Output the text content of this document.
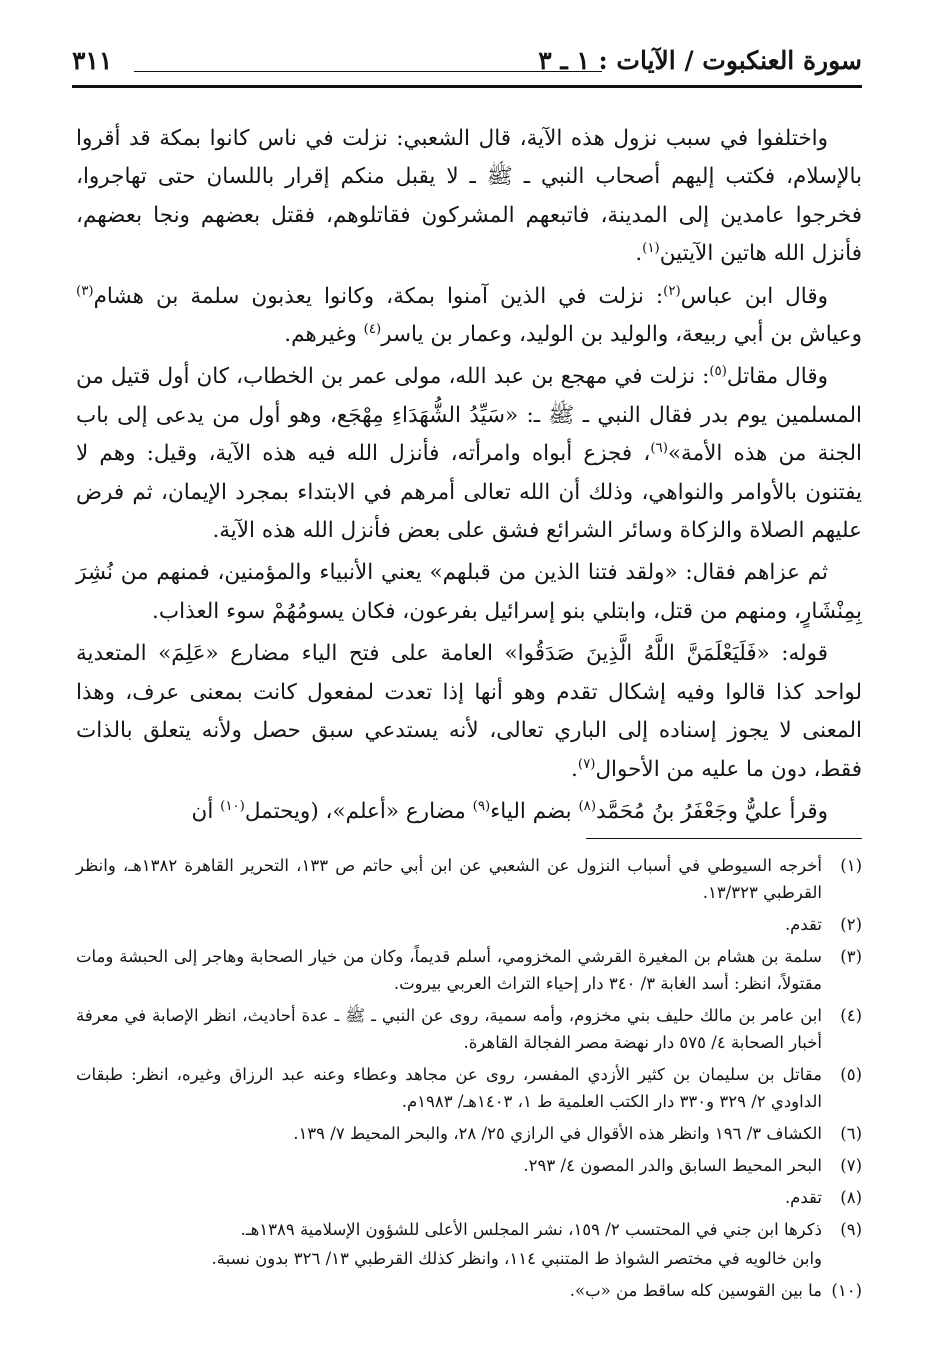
سورة العنكبوت / الآيات : ١ ـ ٣
٣١١

واختلفوا في سبب نزول هذه الآية، قال الشعبي: نزلت في ناس كانوا بمكة قد أقروا بالإسلام، فكتب إليهم أصحاب النبي ـ ﷺ ـ لا يقبل منكم إقرار باللسان حتى تهاجروا، فخرجوا عامدين إلى المدينة، فاتبعهم المشركون فقاتلوهم، فقتل بعضهم ونجا بعضهم، فأنزل الله هاتين الآيتين$^{(١)}$.

وقال ابن عباس$^{(٢)}$: نزلت في الذين آمنوا بمكة، وكانوا يعذبون سلمة بن هشام$^{(٣)}$ وعياش بن أبي ربيعة، والوليد بن الوليد، وعمار بن ياسر$^{(٤)}$ وغيرهم.

وقال مقاتل$^{(٥)}$: نزلت في مهجع بن عبد الله، مولى عمر بن الخطاب، كان أول قتيل من المسلمين يوم بدر فقال النبي ـ ﷺ ـ: «سَيِّدُ الشُّهَدَاءِ مِهْجَع، وهو أول من يدعى إلى باب الجنة من هذه الأمة»$^{(٦)}$، فجزع أبواه وامرأته، فأنزل الله فيه هذه الآية، وقيل: وهم لا يفتنون بالأوامر والنواهي، وذلك أن الله تعالى أمرهم في الابتداء بمجرد الإيمان، ثم فرض عليهم الصلاة والزكاة وسائر الشرائع فشق على بعض فأنزل الله هذه الآية.

ثم عزاهم فقال: «ولقد فتنا الذين من قبلهم» يعني الأنبياء والمؤمنين، فمنهم من نُشِرَ بِمِنْشَارٍ، ومنهم من قتل، وابتلي بنو إسرائيل بفرعون، فكان يسومُهُمْ سوء العذاب.

قوله: «فَلَيَعْلَمَنَّ اللَّهُ الَّذِينَ صَدَقُوا» العامة على فتح الياء مضارع «عَلِمَ» المتعدية لواحد كذا قالوا وفيه إشكال تقدم وهو أنها إذا تعدت لمفعول كانت بمعنى عرف، وهذا المعنى لا يجوز إسناده إلى الباري تعالى، لأنه يستدعي سبق حصل ولأنه يتعلق بالذات فقط، دون ما عليه من الأحوال$^{(٧)}$.

وقرأ عليٌّ وجَعْفَرُ بنُ مُحَمَّد$^{(٨)}$ بضم الياء$^{(٩)}$ مضارع «أعلم»، (ويحتمل$^{(١٠)}$ أن

(١)
أخرجه السيوطي في أسباب النزول عن الشعبي عن ابن أبي حاتم ص ١٣٣، التحرير القاهرة ١٣٨٢هـ، وانظر القرطبي ١٣/٣٢٣.
(٢)
تقدم.
(٣)
سلمة بن هشام بن المغيرة القرشي المخزومي، أسلم قديماً، وكان من خيار الصحابة وهاجر إلى الحبشة ومات مقتولاً، انظر: أسد الغابة ٣/ ٣٤٠ دار إحياء التراث العربي بيروت.
(٤)
ابن عامر بن مالك حليف بني مخزوم، وأمه سمية، روى عن النبي ـ ﷺ ـ عدة أحاديث، انظر الإصابة في معرفة أخبار الصحابة ٤/ ٥٧٥ دار نهضة مصر الفجالة القاهرة.
(٥)
مقاتل بن سليمان بن كثير الأزدي المفسر، روى عن مجاهد وعطاء وعنه عبد الرزاق وغيره، انظر: طبقات الداودي ٢/ ٣٢٩ و٣٣٠ دار الكتب العلمية ط ١، ١٤٠٣هـ/ ١٩٨٣م.
(٦)
الكشاف ٣/ ١٩٦ وانظر هذه الأقوال في الرازي ٢٥/ ٢٨، والبحر المحيط ٧/ ١٣٩.
(٧)
البحر المحيط السابق والدر المصون ٤/ ٢٩٣.
(٨)
تقدم.
(٩)
ذكرها ابن جني في المحتسب ٢/ ١٥٩، نشر المجلس الأعلى للشؤون الإسلامية ١٣٨٩هـ.
وابن خالويه في مختصر الشواذ ط المتنبي ١١٤، وانظر كذلك القرطبي ١٣/ ٣٢٦ بدون نسبة.
(١٠)
ما بين القوسين كله ساقط من «ب».
